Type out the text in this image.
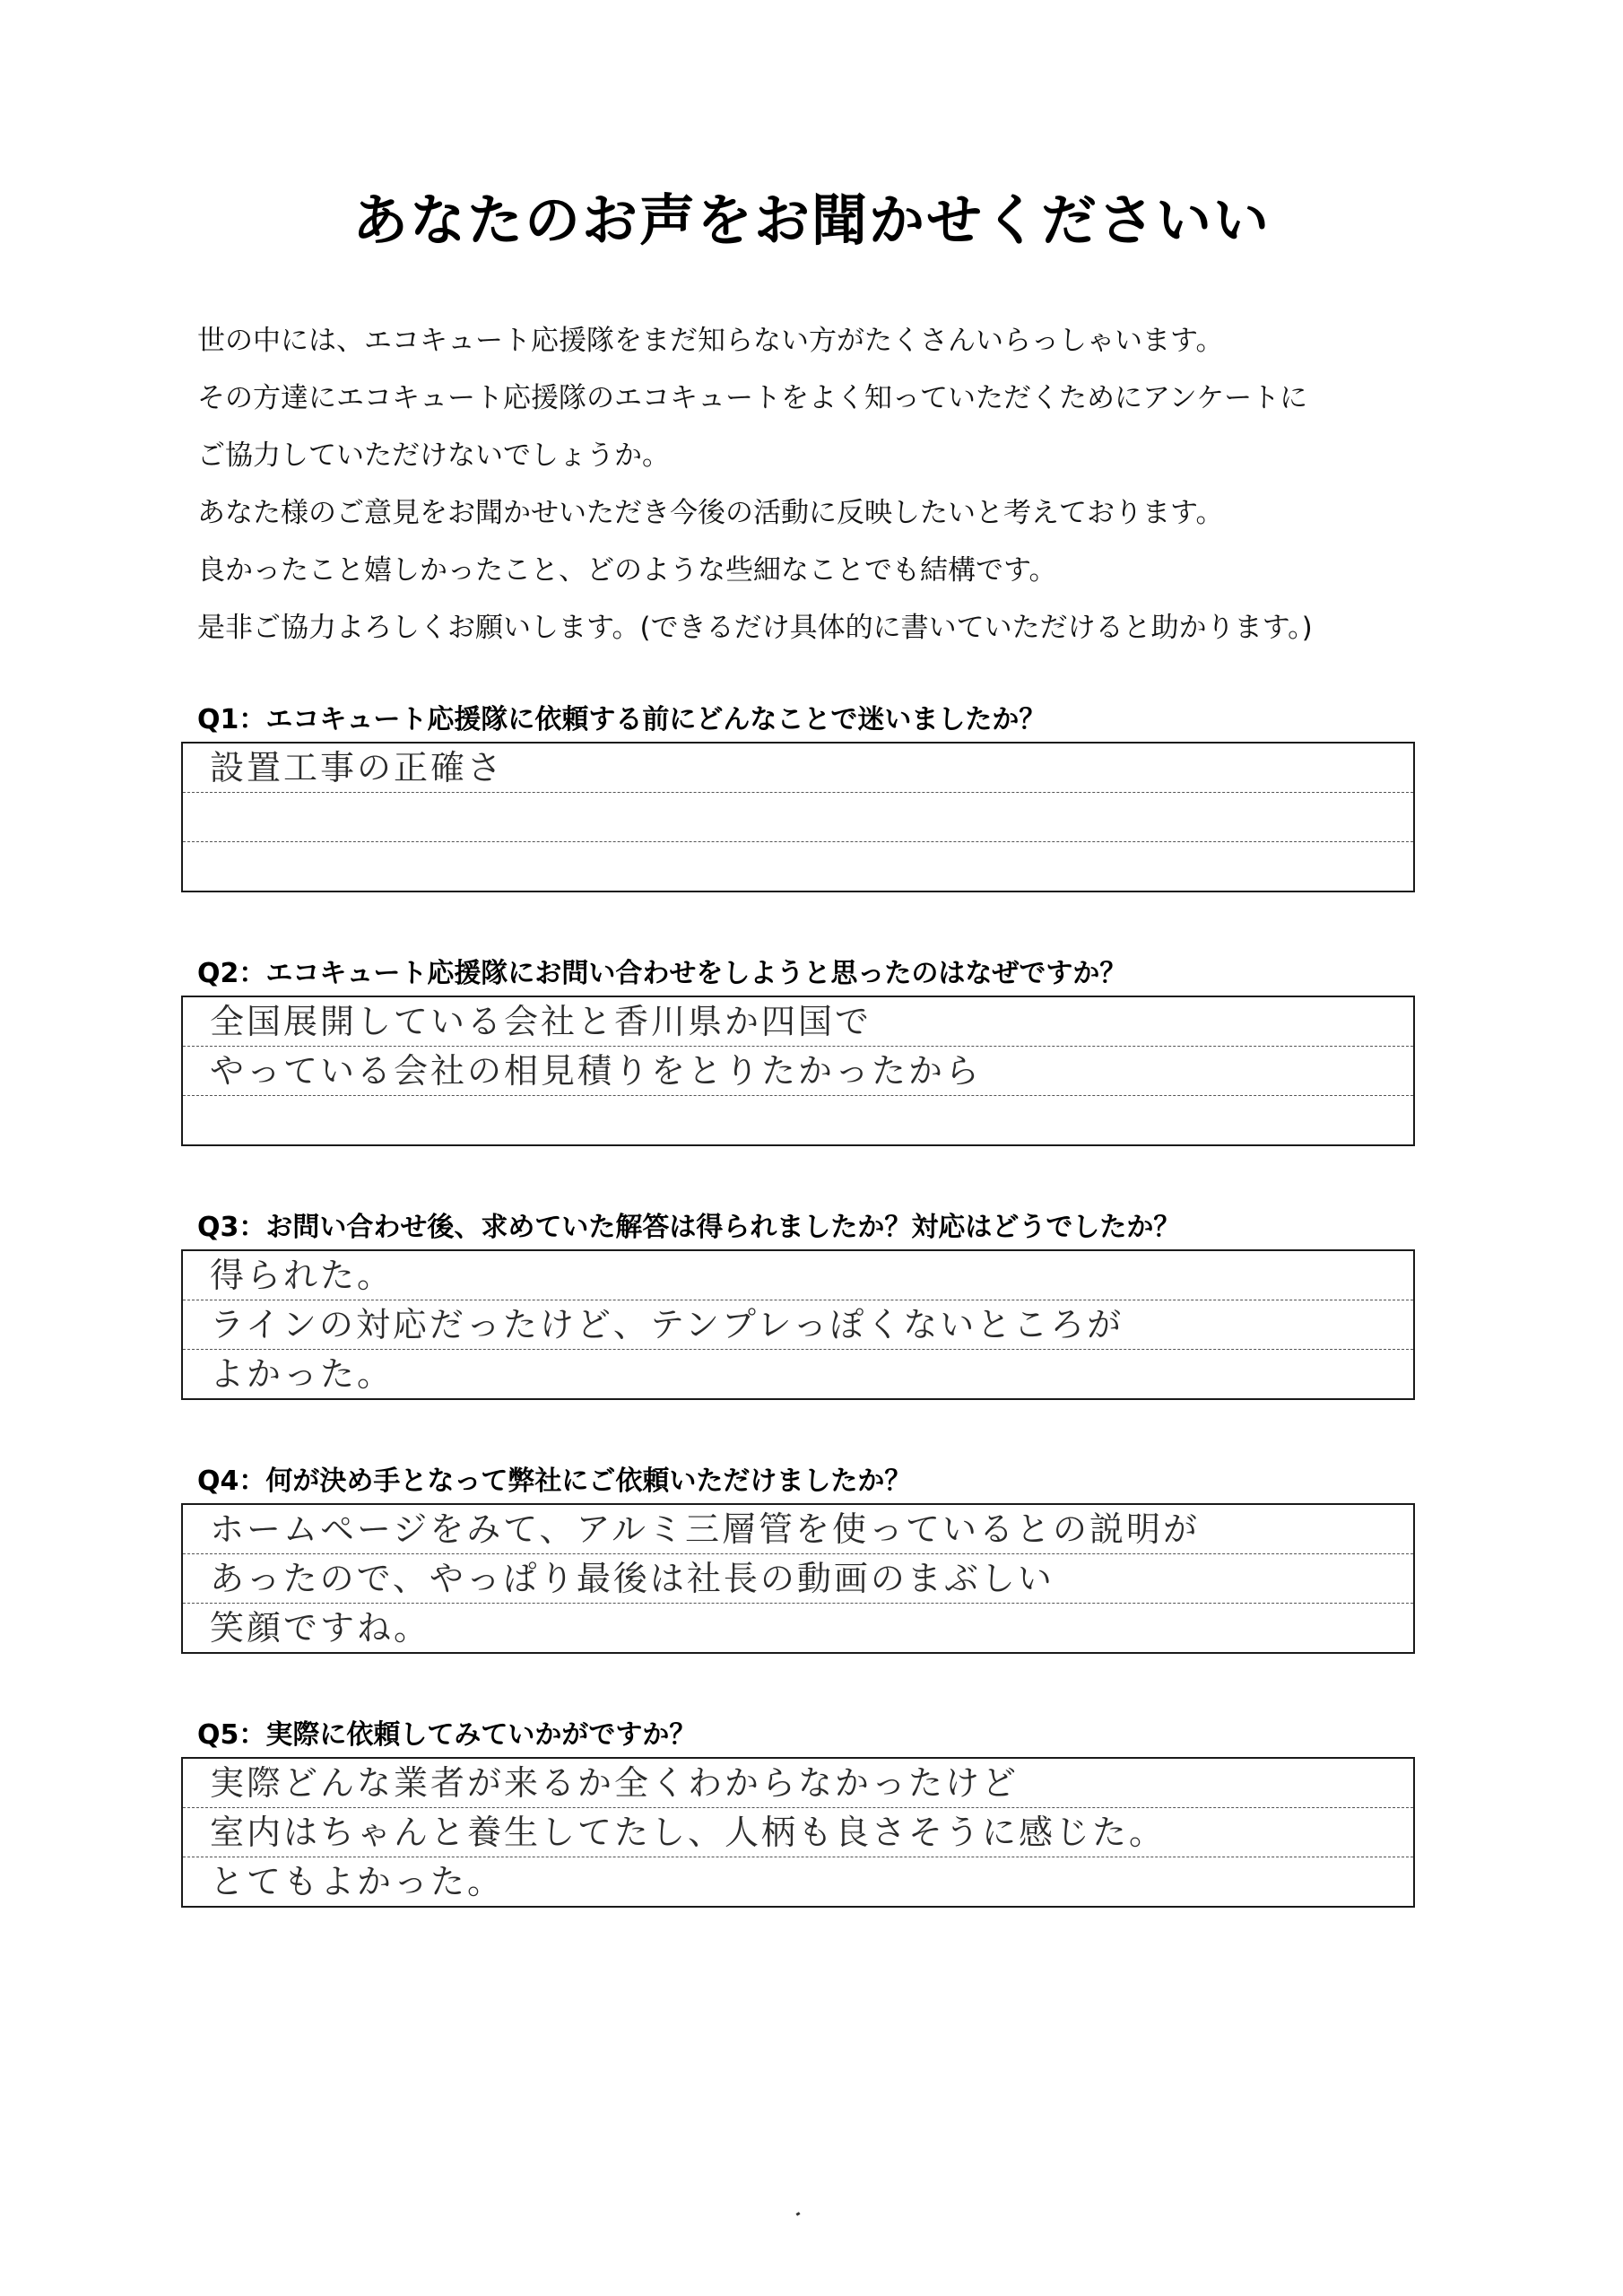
あなたのお声をお聞かせくださいい
世の中には、エコキュート応援隊をまだ知らない方がたくさんいらっしゃいます。
その方達にエコキュート応援隊のエコキュートをよく知っていただくためにアンケートに
ご協力していただけないでしょうか。
あなた様のご意見をお聞かせいただき今後の活動に反映したいと考えております。
良かったこと嬉しかったこと、どのような些細なことでも結構です。
是非ご協力よろしくお願いします。(できるだけ具体的に書いていただけると助かります。)
Q1：エコキュート応援隊に依頼する前にどんなことで迷いましたか？
設置工事の正確さ
Q2：エコキュート応援隊にお問い合わせをしようと思ったのはなぜですか？
全国展開している会社と香川県か四国で
やっている会社の相見積りをとりたかったから
Q3：お問い合わせ後、求めていた解答は得られましたか？対応はどうでしたか？
得られた。
ラインの対応だったけど、テンプレっぽくないところが
よかった。
Q4：何が決め手となって弊社にご依頼いただけましたか？
ホームページをみて、アルミ三層管を使っているとの説明が
あったので、やっぱり最後は社長の動画のまぶしい
笑顔ですね。
Q5：実際に依頼してみていかがですか？
実際どんな業者が来るか全くわからなかったけど
室内はちゃんと養生してたし、人柄も良さそうに感じた。
とてもよかった。
